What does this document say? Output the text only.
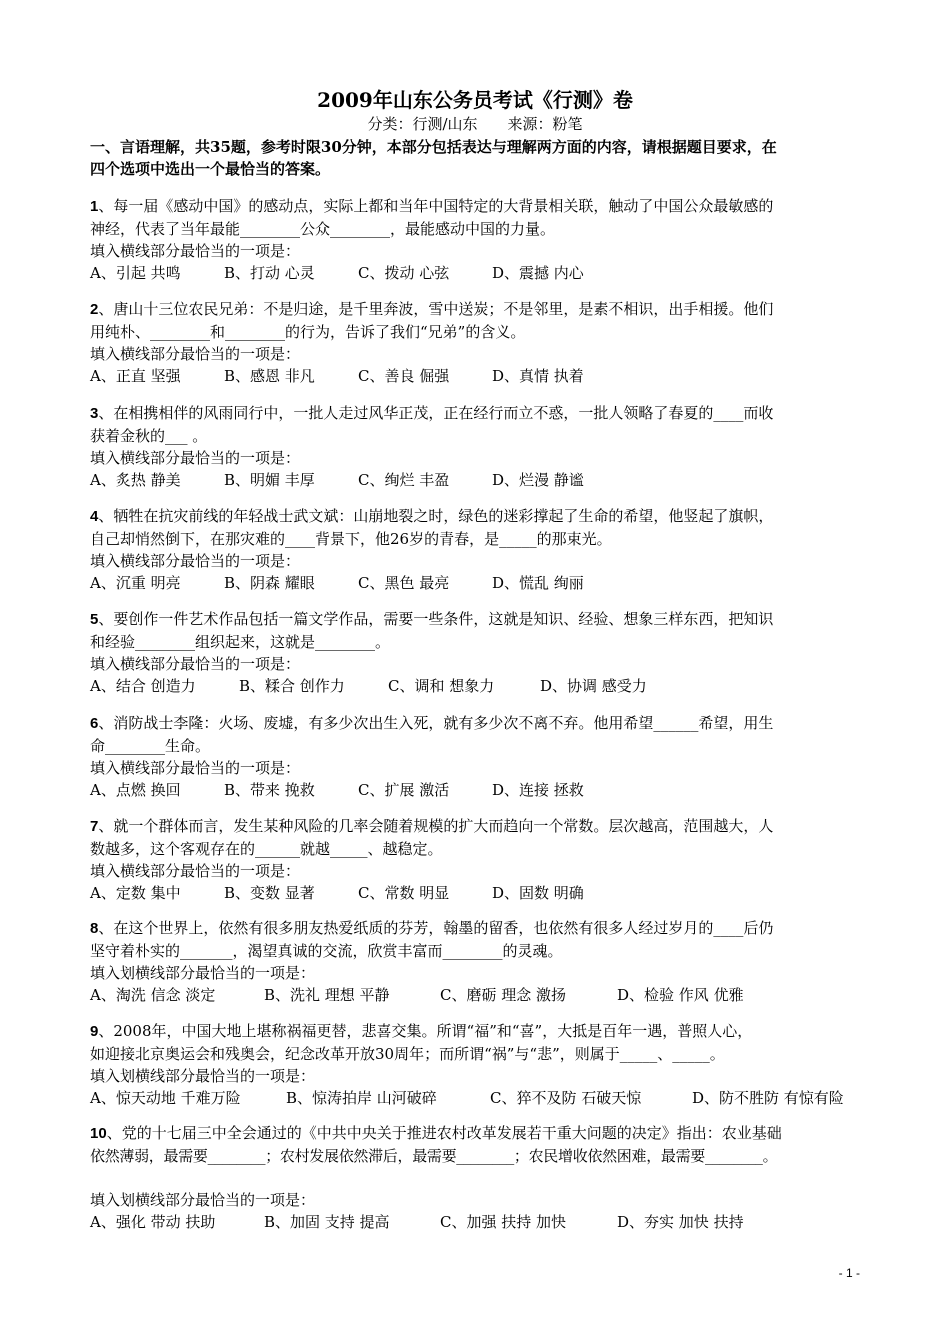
2009年山东公务员考试《行测》卷
分类：行测/山东 来源：粉笔
一、言语理解，共35题，参考时限30分钟，本部分包括表达与理解两方面的内容，请根据题目要求，在
四个选项中选出一个最恰当的答案。
1、每一届《感动中国》的感动点，实际上都和当年中国特定的大背景相关联，触动了中国公众最敏感的
神经，代表了当年最能________公众________，最能感动中国的力量。
填入横线部分最恰当的一项是：
A、引起 共鸣	B、打动 心灵	C、拨动 心弦	D、震撼 内心
2、唐山十三位农民兄弟：不是归途，是千里奔波，雪中送炭；不是邻里，是素不相识，出手相援。他们
用纯朴、________和________的行为，告诉了我们“兄弟”的含义。
填入横线部分最恰当的一项是：
A、正直 坚强	B、感恩 非凡	C、善良 倔强	D、真情 执着
3、在相携相伴的风雨同行中，一批人走过风华正茂，正在经行而立不惑，一批人领略了春夏的____而收
获着金秋的___ 。
填入横线部分最恰当的一项是：
A、炙热 静美	B、明媚 丰厚	C、绚烂 丰盈	D、烂漫 静谧
4、牺牲在抗灾前线的年轻战士武文斌：山崩地裂之时，绿色的迷彩撑起了生命的希望，他竖起了旗帜，
自己却悄然倒下，在那灾难的____背景下，他26岁的青春，是_____的那束光。
填入横线部分最恰当的一项是：
A、沉重 明亮	B、阴森 耀眼	C、黑色 最亮	D、慌乱 绚丽
5、要创作一件艺术作品包括一篇文学作品，需要一些条件，这就是知识、经验、想象三样东西，把知识
和经验________组织起来，这就是________。
填入横线部分最恰当的一项是：
A、结合 创造力	B、糅合 创作力	C、调和 想象力	D、协调 感受力
6、消防战士李隆：火场、废墟，有多少次出生入死，就有多少次不离不弃。他用希望______希望，用生
命________生命。
填入横线部分最恰当的一项是：
A、点燃 换回	B、带来 挽救	C、扩展 激活	D、连接 拯救
7、就一个群体而言，发生某种风险的几率会随着规模的扩大而趋向一个常数。层次越高，范围越大，人
数越多，这个客观存在的______就越_____、越稳定。
填入横线部分最恰当的一项是：
A、定数 集中	B、变数 显著	C、常数 明显	D、固数 明确
8、在这个世界上，依然有很多朋友热爱纸质的芬芳，翰墨的留香，也依然有很多人经过岁月的____后仍
坚守着朴实的_______，渴望真诚的交流，欣赏丰富而________的灵魂。
填入划横线部分最恰当的一项是：
A、淘洗 信念 淡定	B、洗礼 理想 平静	C、磨砺 理念 激扬	D、检验 作风 优雅
9、2008年，中国大地上堪称祸福更替，悲喜交集。所谓“福”和“喜”，大抵是百年一遇，普照人心，
如迎接北京奥运会和残奥会，纪念改革开放30周年；而所谓“祸”与“悲”，则属于_____、_____。
填入划横线部分最恰当的一项是：
A、惊天动地 千难万险	B、惊涛拍岸 山河破碎	C、猝不及防 石破天惊	D、防不胜防 有惊有险
10、党的十七届三中全会通过的《中共中央关于推进农村改革发展若干重大问题的决定》指出：农业基础
依然薄弱，最需要________；农村发展依然滞后，最需要________；农民增收依然困难，最需要________。
填入划横线部分最恰当的一项是：
A、强化 带动 扶助	B、加固 支持 提高	C、加强 扶持 加快	D、夯实 加快 扶持
- 1 -
